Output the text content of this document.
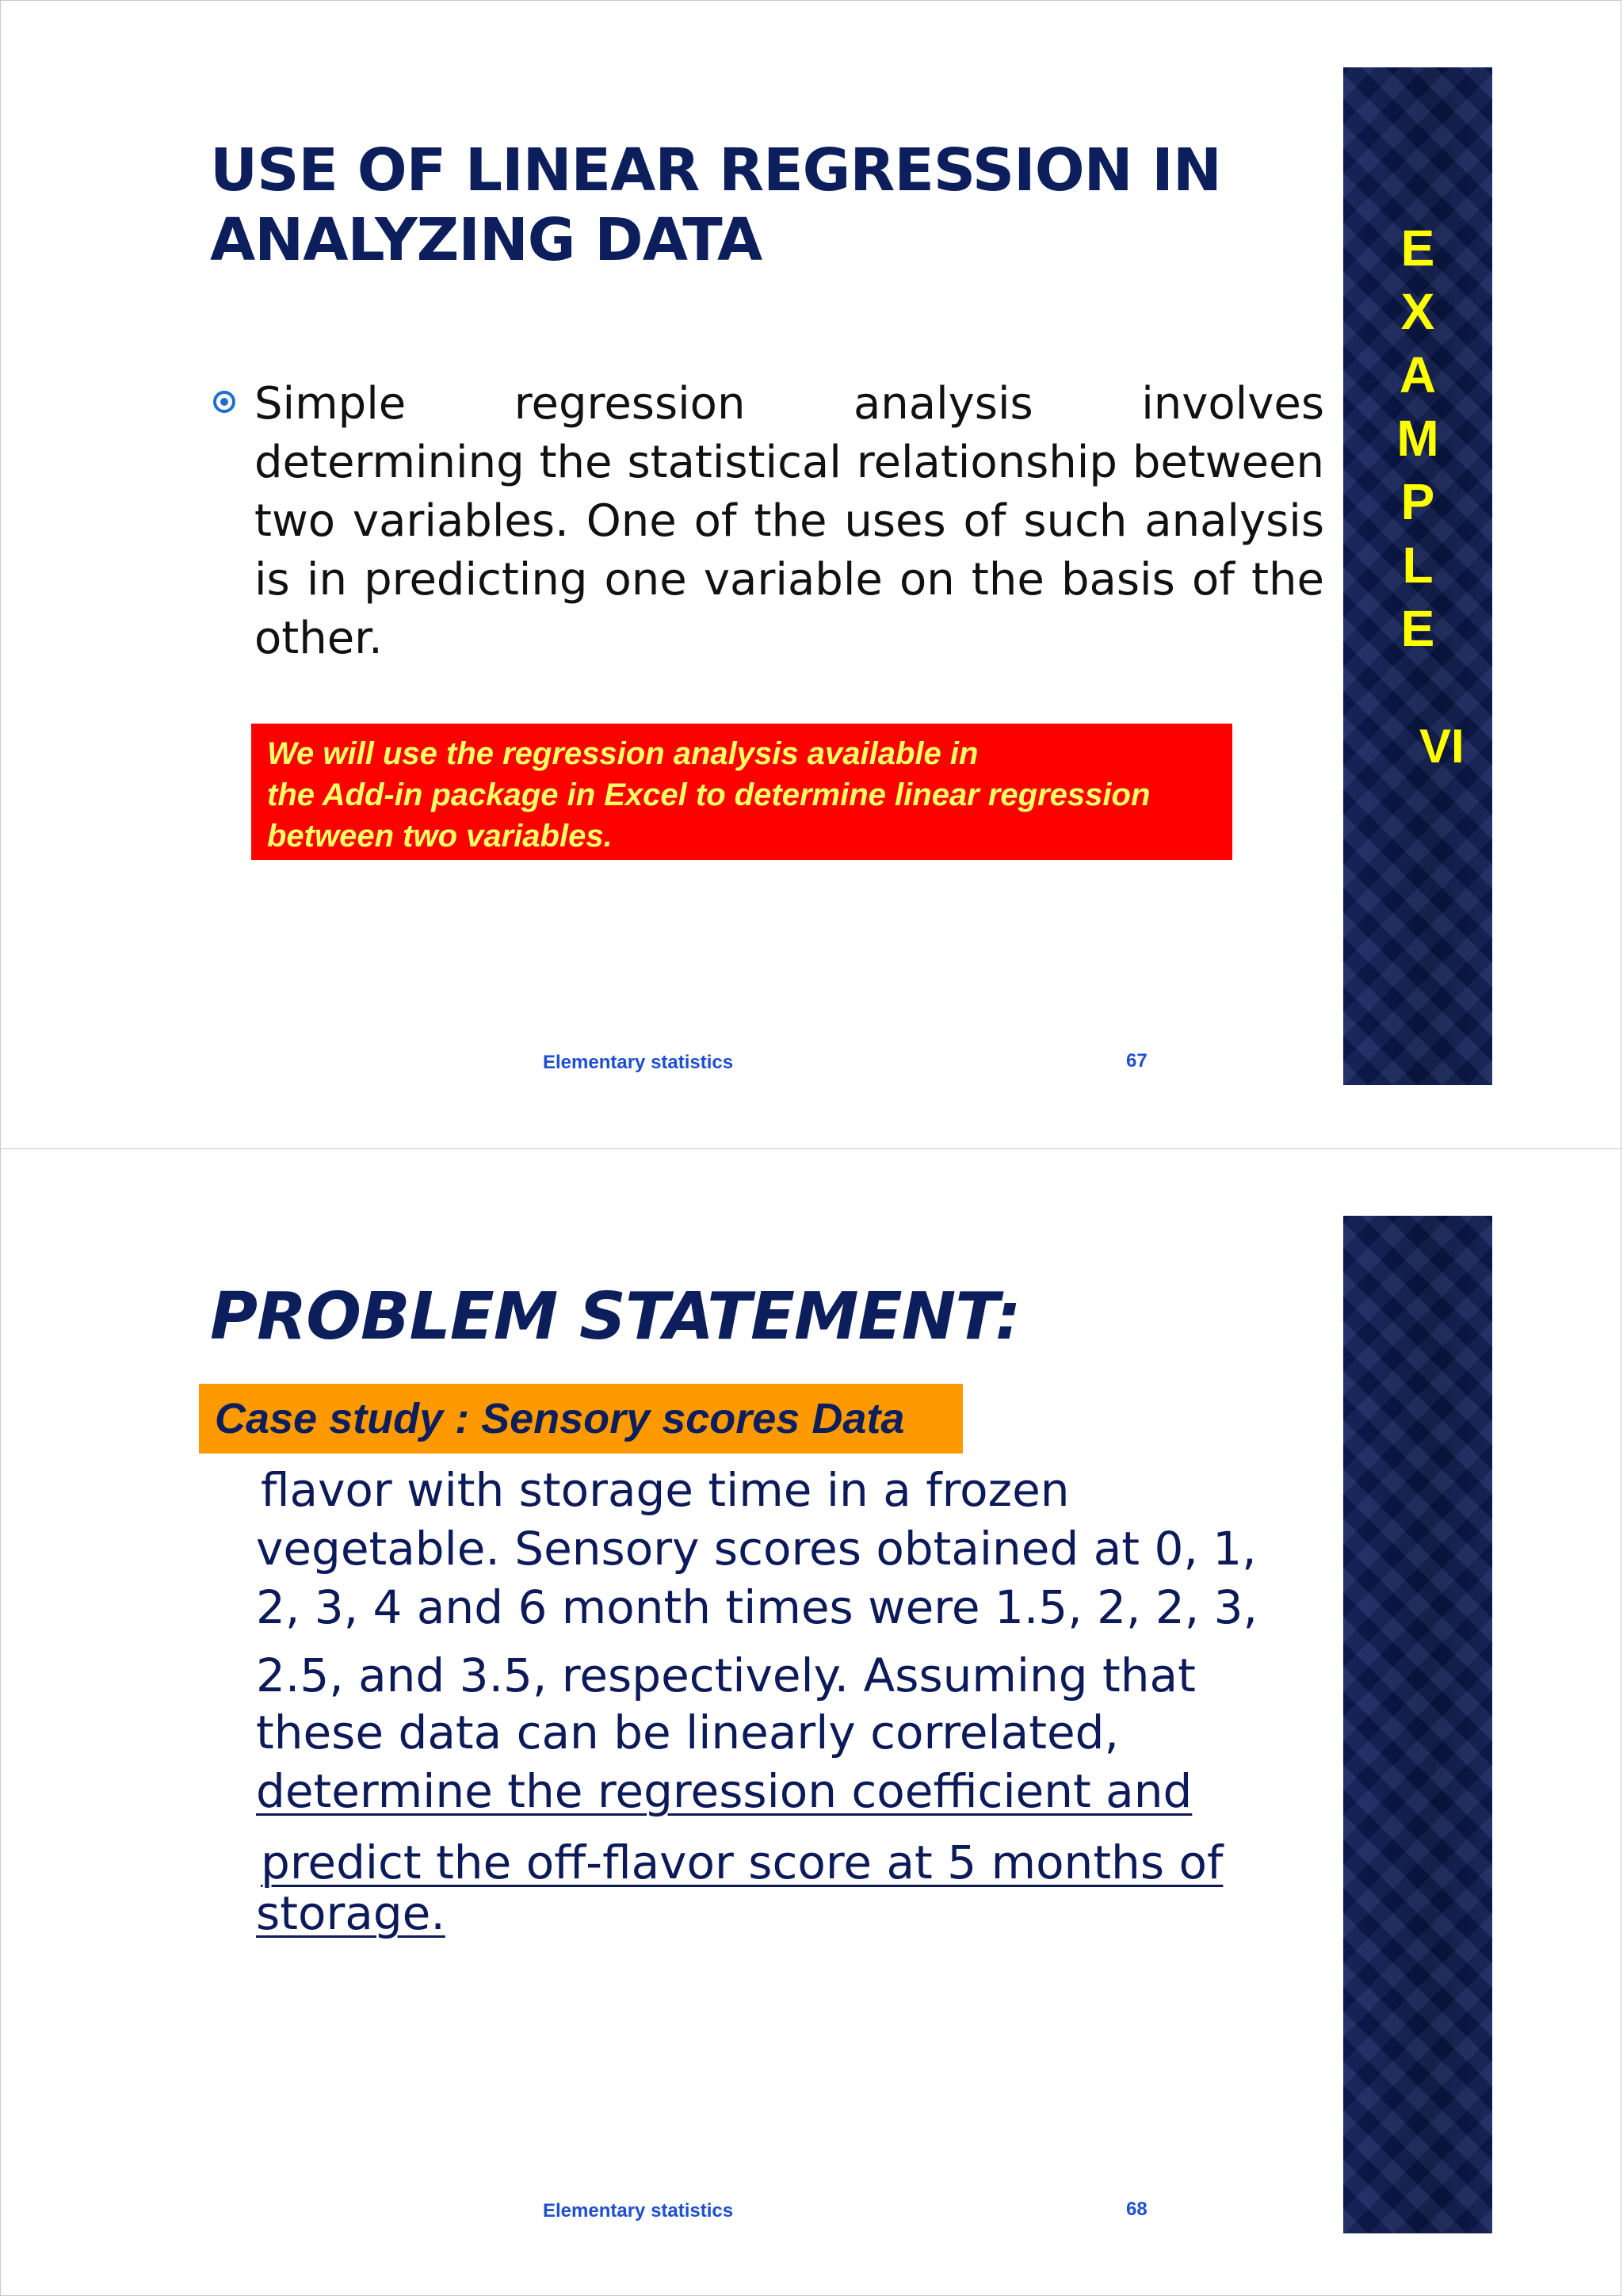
USE OF LINEAR REGRESSION IN
ANALYZING DATA
Simple regression analysis involves determining the statistical relationship between two variables. One of the uses of such analysis is in predicting one variable on the basis of the other.
We will use the regression analysis available in
the Add-in package in Excel to determine linear regression
between two variables.
Elementary statistics	67
E
X
A
M
P
L
E
VI
PROBLEM STATEMENT:
Case study : Sensory scores Data
flavor with storage time in a frozen
vegetable. Sensory scores obtained at 0, 1,
2, 3, 4 and 6 month times were 1.5, 2, 2, 3,
2.5, and 3.5, respectively. Assuming that
these data can be linearly correlated,
determine the regression coefficient and
predict the off-flavor score at 5 months of
storage.
Elementary statistics	68
